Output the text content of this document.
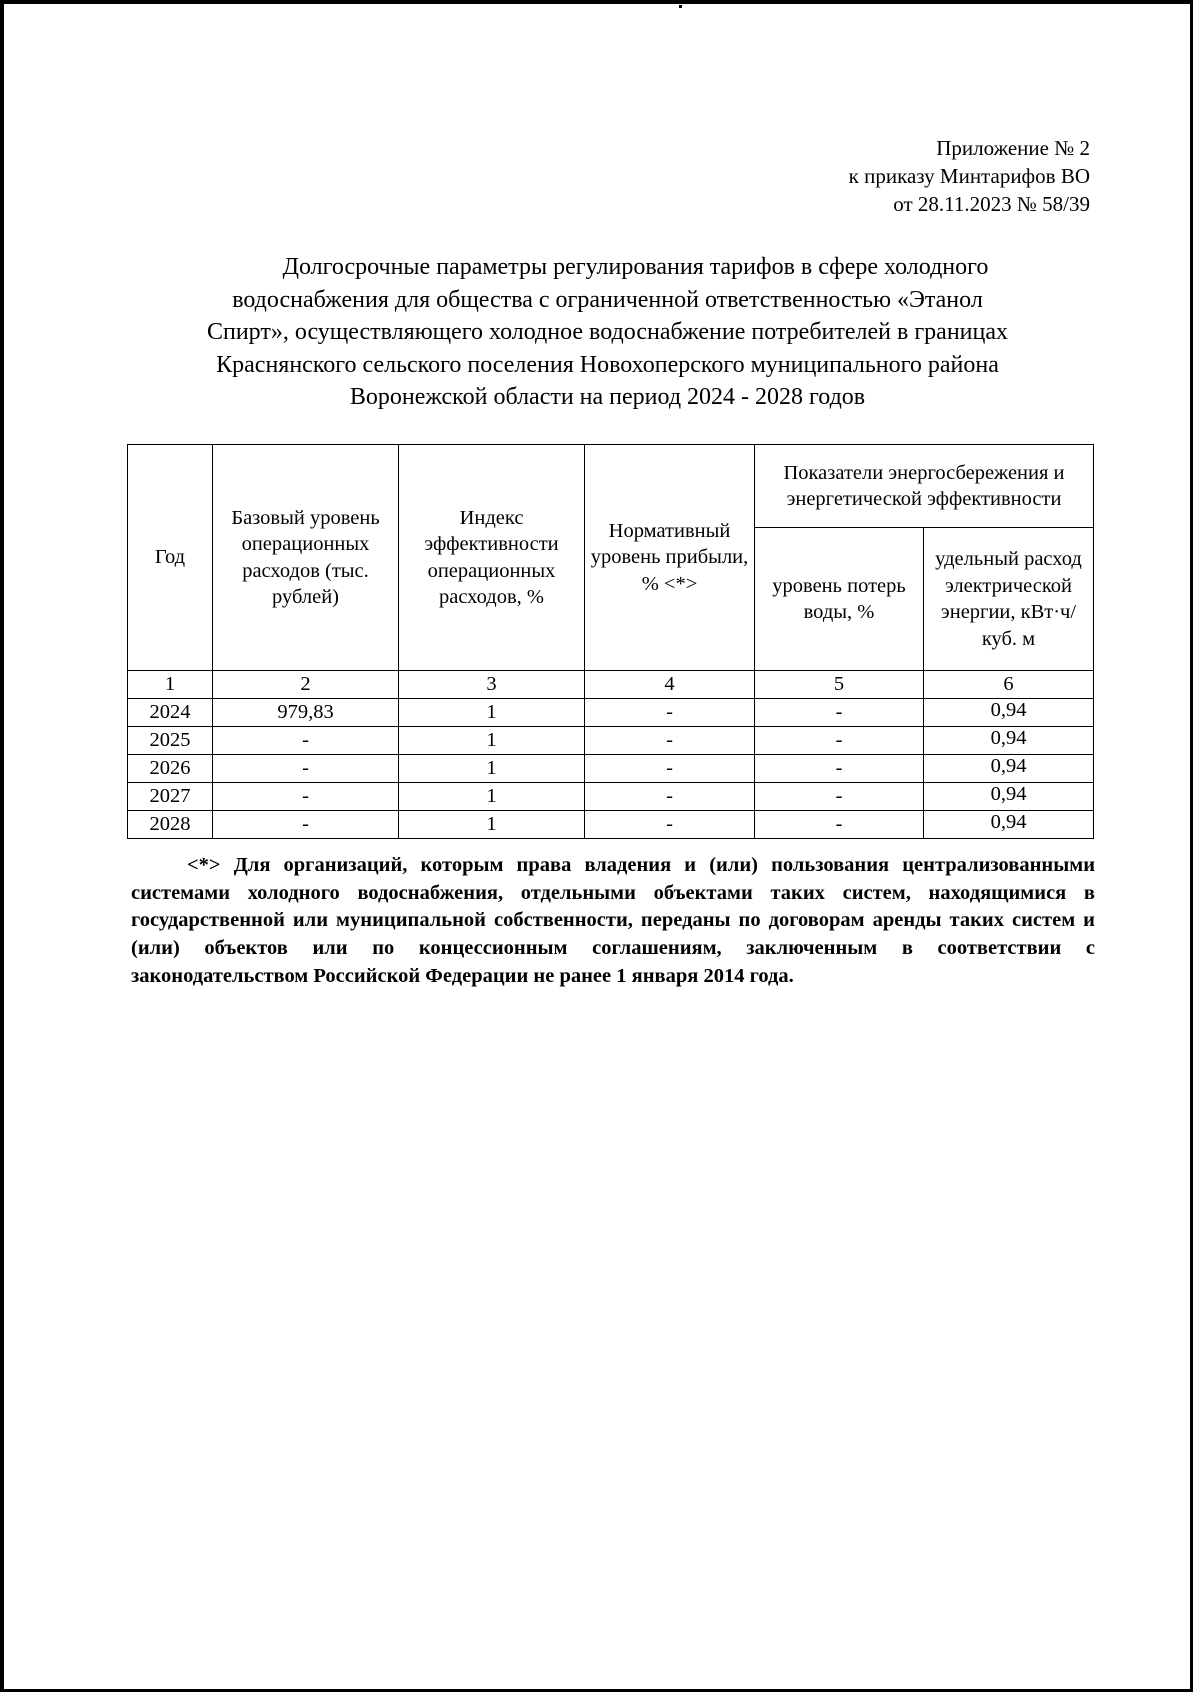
Приложение № 2
к приказу Минтарифов ВО
от 28.11.2023 № 58/39
Долгосрочные параметры регулирования тарифов в сфере холодного
водоснабжения для общества с ограниченной ответственностью «Этанол
Спирт», осуществляющего холодное водоснабжение потребителей в границах
Краснянского сельского поселения Новохоперского муниципального района
Воронежской области на период 2024 - 2028 годов
Год	Базовый уровень операционных расходов (тыс. рублей)	Индекс эффективности операционных расходов, %	Нормативный уровень прибыли, % <*>	Показатели энергосбережения и энергетической эффективности	
				уровень потерь воды, %	удельный расход электрической энергии, кВт·ч/куб. м
1	2	3	4	5	6
2024	979,83	1	-	-	0,94
2025	-	1	-	-	0,94
2026	-	1	-	-	0,94
2027	-	1	-	-	0,94
2028	-	1	-	-	0,94
<*> Для организаций, которым права владения и (или) пользования централизованными системами холодного водоснабжения, отдельными объектами таких систем, находящимися в государственной или муниципальной собственности, переданы по договорам аренды таких систем и (или) объектов или по концессионным соглашениям, заключенным в соответствии с законодательством Российской Федерации не ранее 1 января 2014 года.
